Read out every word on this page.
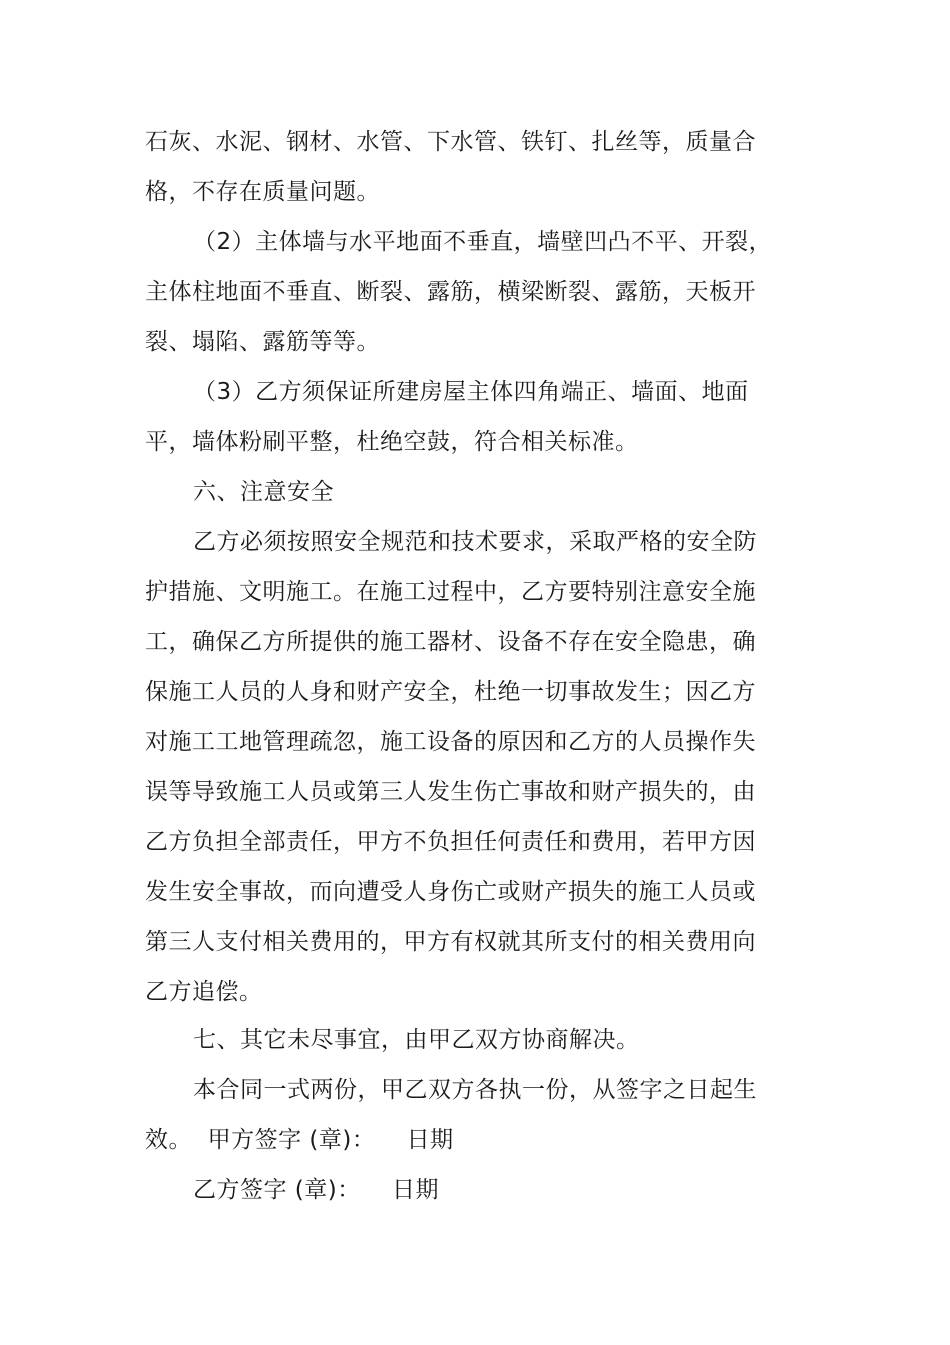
石灰、水泥、钢材、水管、下水管、铁钉、扎丝等，质量合
格，不存在质量问题。
（2）主体墙与水平地面不垂直，墙壁凹凸不平、开裂，
主体柱地面不垂直、断裂、露筋，横梁断裂、露筋，天板开
裂、塌陷、露筋等等。
（3）乙方须保证所建房屋主体四角端正、墙面、地面
平，墙体粉刷平整，杜绝空鼓，符合相关标准。
六、注意安全
乙方必须按照安全规范和技术要求，采取严格的安全防
护措施、文明施工。在施工过程中，乙方要特别注意安全施
工，确保乙方所提供的施工器材、设备不存在安全隐患，确
保施工人员的人身和财产安全，杜绝一切事故发生；因乙方
对施工工地管理疏忽，施工设备的原因和乙方的人员操作失
误等导致施工人员或第三人发生伤亡事故和财产损失的，由
乙方负担全部责任，甲方不负担任何责任和费用，若甲方因
发生安全事故，而向遭受人身伤亡或财产损失的施工人员或
第三人支付相关费用的，甲方有权就其所支付的相关费用向
乙方追偿。
七、其它未尽事宜，由甲乙双方协商解决。
本合同一式两份，甲乙双方各执一份，从签字之日起生
效。  甲方签字 (章)：    日期
乙方签字 (章)：    日期
